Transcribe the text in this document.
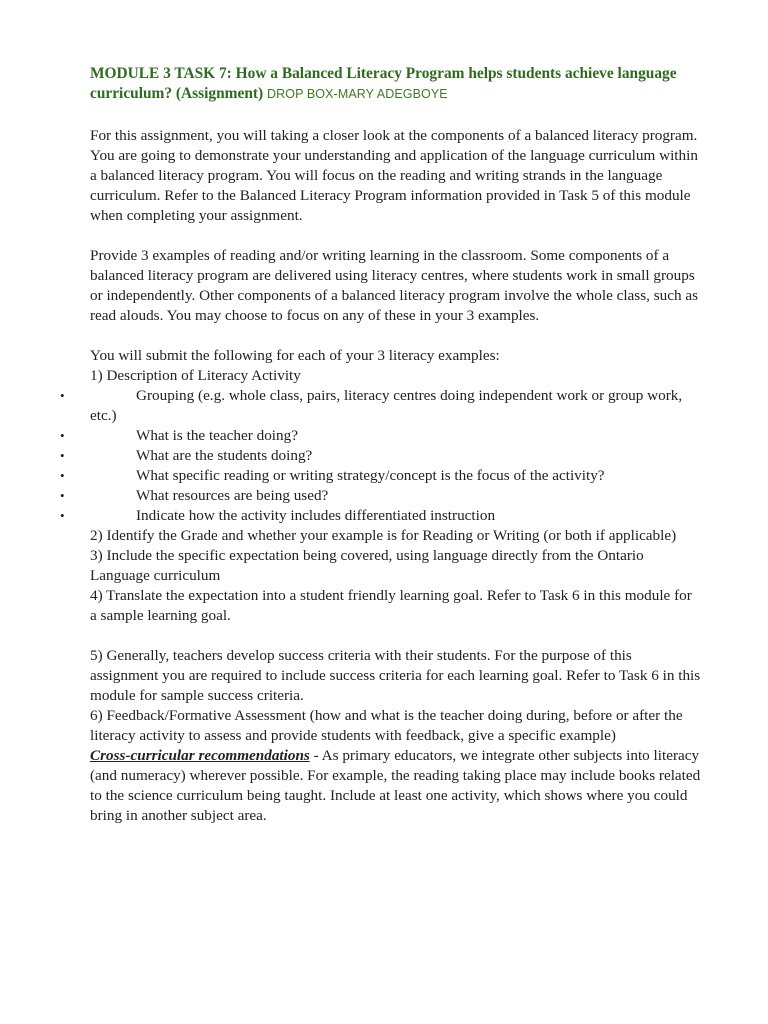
MODULE 3 TASK 7: How a Balanced Literacy Program helps students achieve language curriculum? (Assignment) DROP BOX-MARY ADEGBOYE

For this assignment, you will taking a closer look at the components of a balanced literacy program. You are going to demonstrate your understanding and application of the language curriculum within a balanced literacy program. You will focus on the reading and writing strands in the language curriculum. Refer to the Balanced Literacy Program information provided in Task 5 of this module when completing your assignment.

Provide 3 examples of reading and/or writing learning in the classroom. Some components of a balanced literacy program are delivered using literacy centres, where students work in small groups or independently. Other components of a balanced literacy program involve the whole class, such as read alouds. You may choose to focus on any of these in your 3 examples.

You will submit the following for each of your 3 literacy examples:

1) Description of Literacy Activity

•	Grouping (e.g. whole class, pairs, literacy centres doing independent work or group work, etc.)
•	What is the teacher doing?
•	What are the students doing?
•	What specific reading or writing strategy/concept is the focus of the activity?
•	What resources are being used?
•	Indicate how the activity includes differentiated instruction

2) Identify the Grade and whether your example is for Reading or Writing (or both if applicable)

3) Include the specific expectation being covered, using language directly from the Ontario Language curriculum

4) Translate the expectation into a student friendly learning goal. Refer to Task 6 in this module for a sample learning goal.

5) Generally, teachers develop success criteria with their students. For the purpose of this assignment you are required to include success criteria for each learning goal. Refer to Task 6 in this module for sample success criteria.

6) Feedback/Formative Assessment (how and what is the teacher doing during, before or after the literacy activity to assess and provide students with feedback, give a specific example)

Cross-curricular recommendations - As primary educators, we integrate other subjects into literacy (and numeracy) wherever possible. For example, the reading taking place may include books related to the science curriculum being taught. Include at least one activity, which shows where you could bring in another subject area.
